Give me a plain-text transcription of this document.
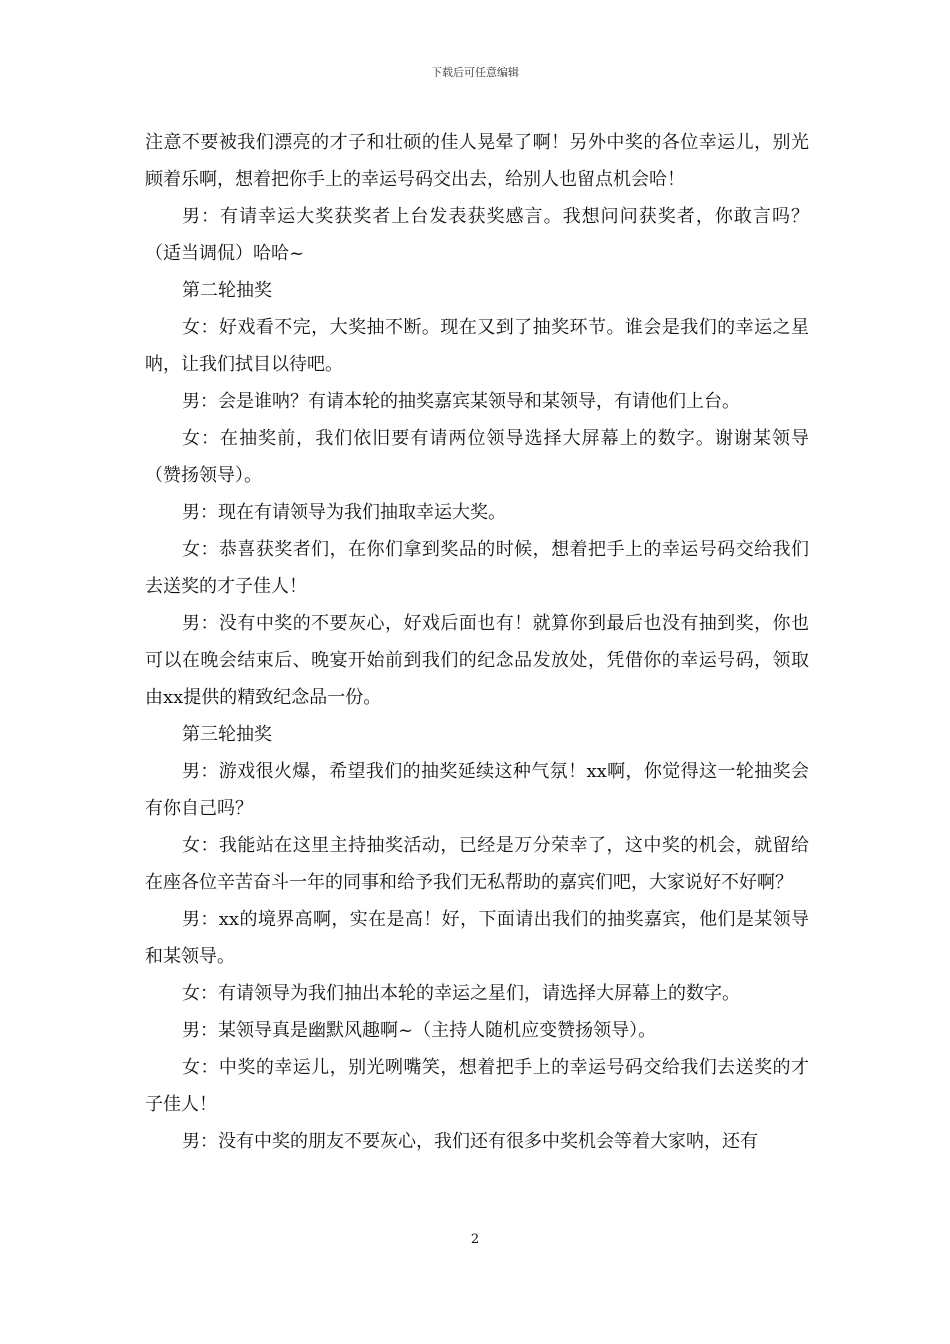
下载后可任意编辑

注意不要被我们漂亮的才子和壮硕的佳人晃晕了啊！另外中奖的各位幸运儿，别光顾着乐啊，想着把你手上的幸运号码交出去，给别人也留点机会哈！

男：有请幸运大奖获奖者上台发表获奖感言。我想问问获奖者，你敢言吗？（适当调侃）哈哈~

第二轮抽奖

女：好戏看不完，大奖抽不断。现在又到了抽奖环节。谁会是我们的幸运之星呐，让我们拭目以待吧。

男：会是谁呐？有请本轮的抽奖嘉宾某领导和某领导，有请他们上台。

女：在抽奖前，我们依旧要有请两位领导选择大屏幕上的数字。谢谢某领导（赞扬领导）。

男：现在有请领导为我们抽取幸运大奖。

女：恭喜获奖者们，在你们拿到奖品的时候，想着把手上的幸运号码交给我们去送奖的才子佳人！

男：没有中奖的不要灰心，好戏后面也有！就算你到最后也没有抽到奖，你也可以在晚会结束后、晚宴开始前到我们的纪念品发放处，凭借你的幸运号码，领取由xx提供的精致纪念品一份。

第三轮抽奖

男：游戏很火爆，希望我们的抽奖延续这种气氛！xx啊，你觉得这一轮抽奖会有你自己吗？

女：我能站在这里主持抽奖活动，已经是万分荣幸了，这中奖的机会，就留给在座各位辛苦奋斗一年的同事和给予我们无私帮助的嘉宾们吧，大家说好不好啊？

男：xx的境界高啊，实在是高！好，下面请出我们的抽奖嘉宾，他们是某领导和某领导。

女：有请领导为我们抽出本轮的幸运之星们，请选择大屏幕上的数字。

男：某领导真是幽默风趣啊~（主持人随机应变赞扬领导）。

女：中奖的幸运儿，别光咧嘴笑，想着把手上的幸运号码交给我们去送奖的才子佳人！

男：没有中奖的朋友不要灰心，我们还有很多中奖机会等着大家呐，还有

2
